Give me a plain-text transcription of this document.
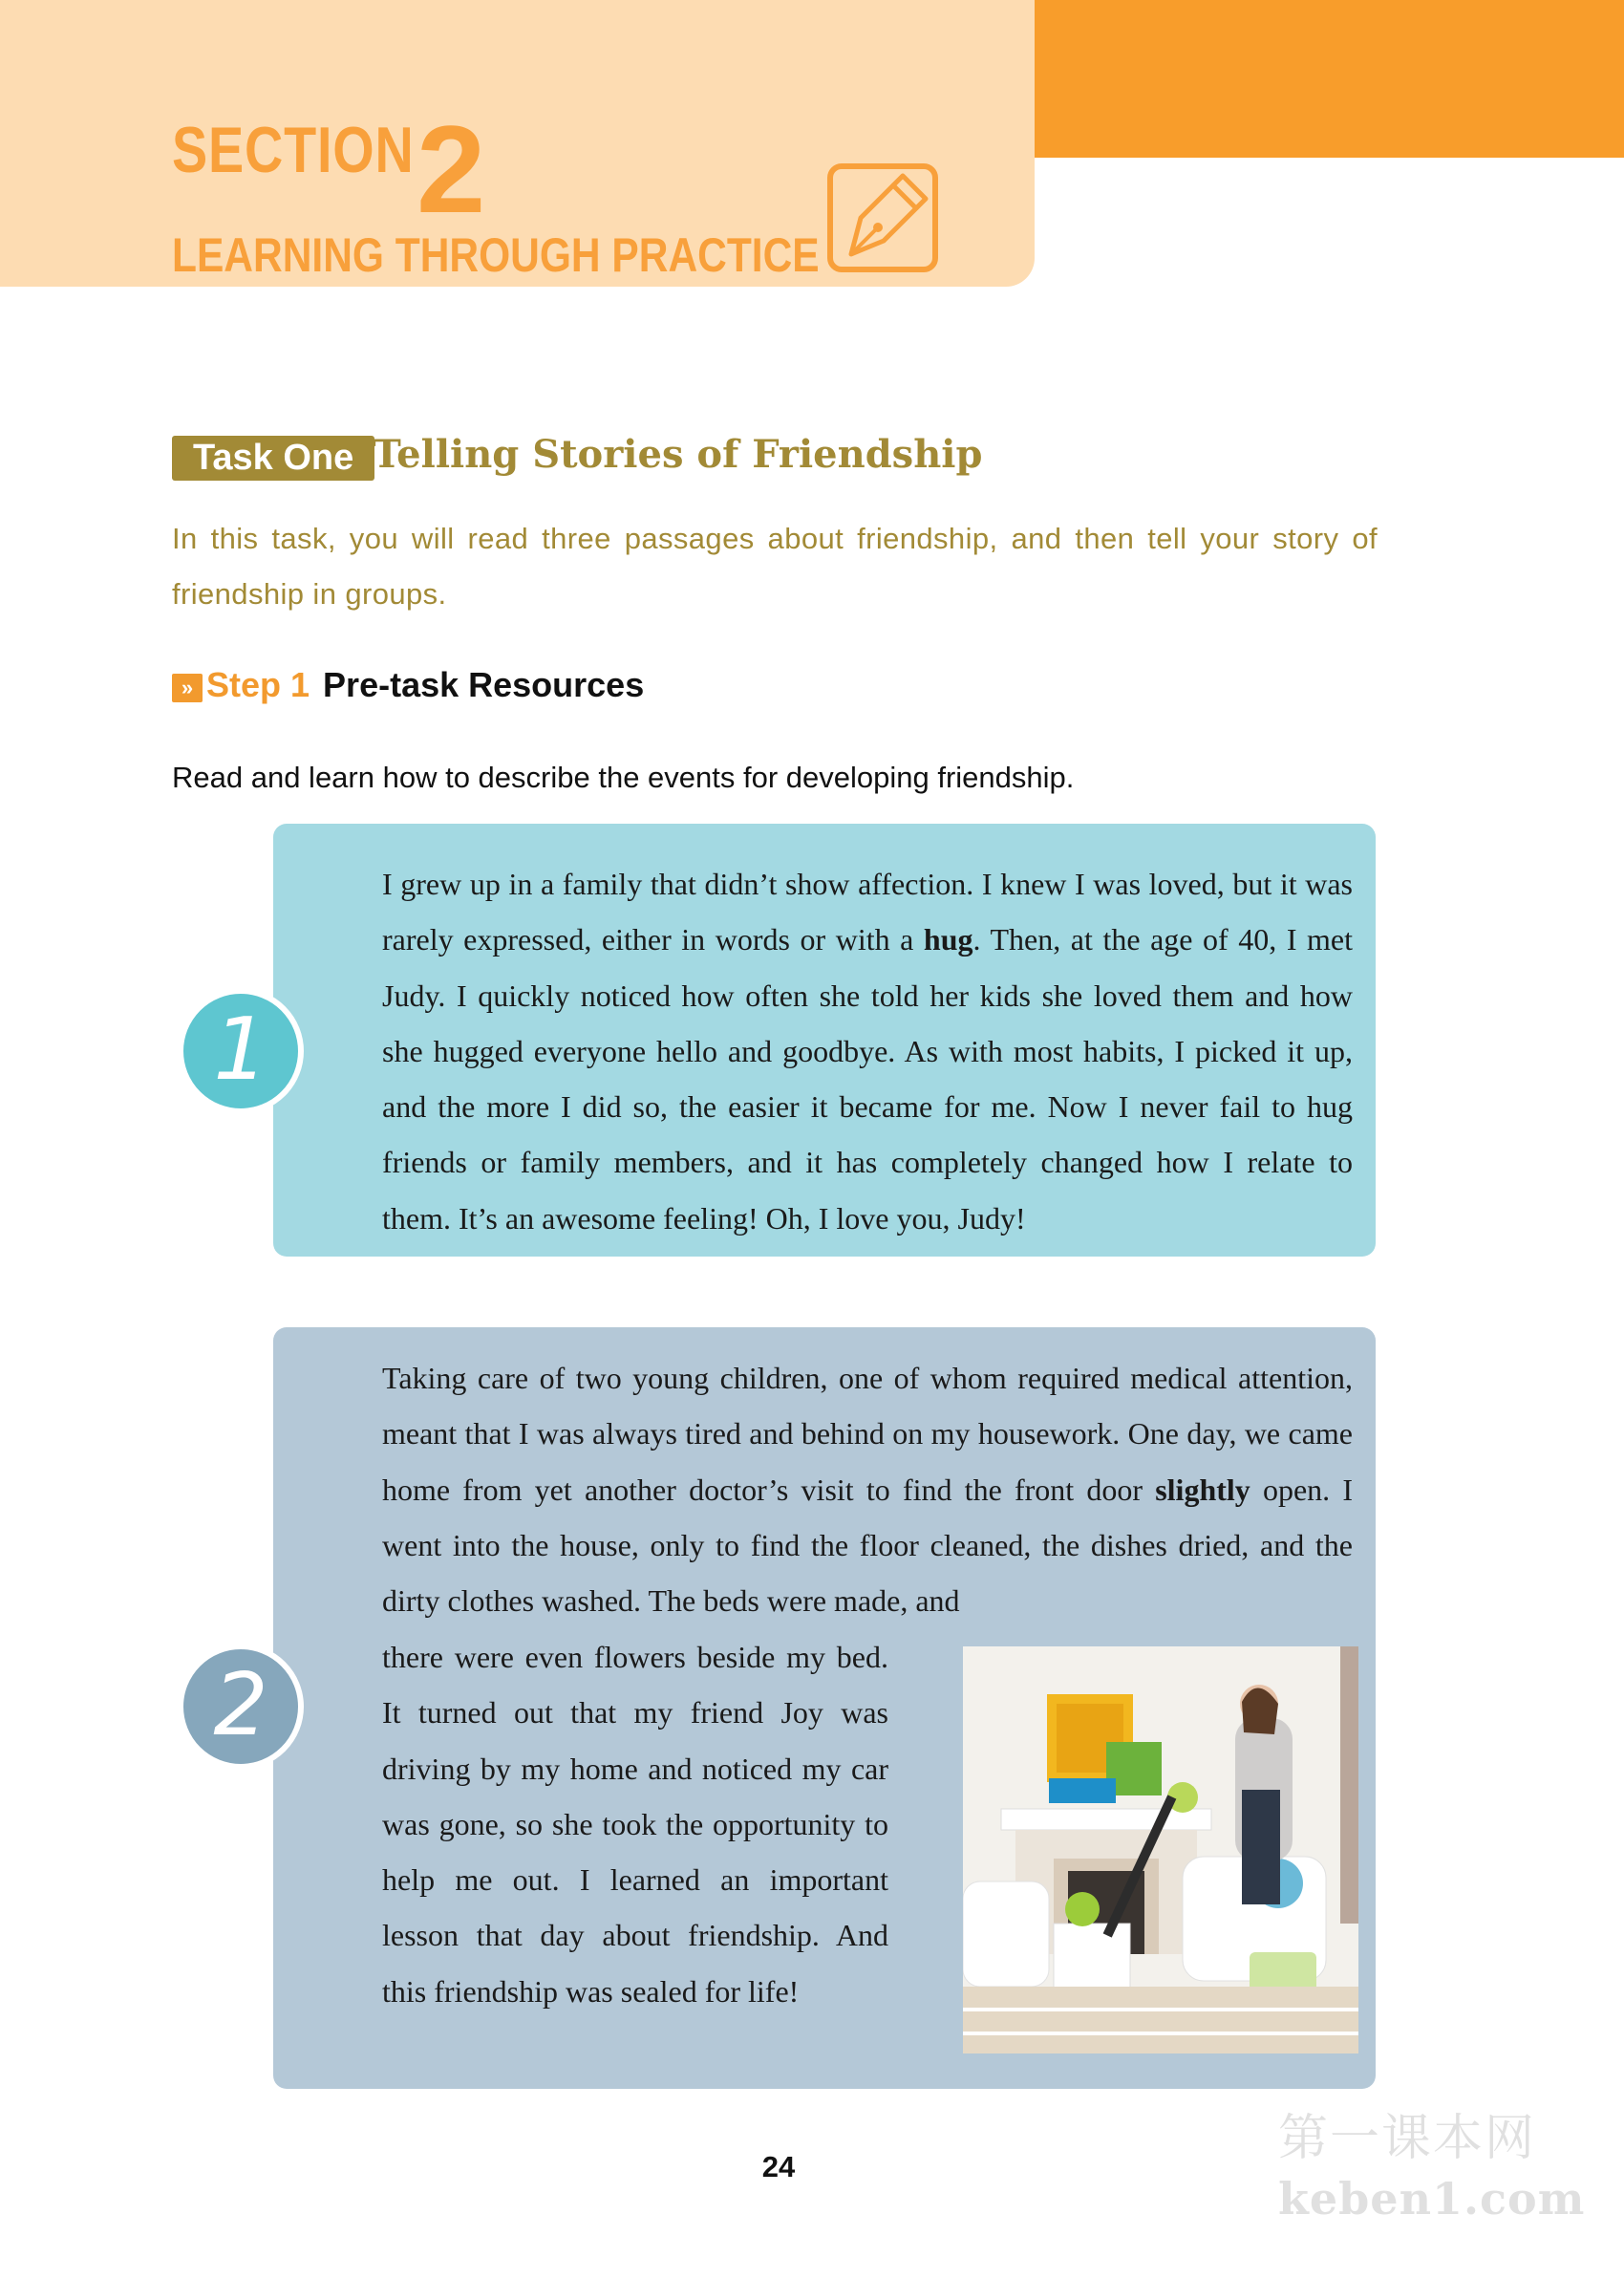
SECTION 2
LEARNING THROUGH PRACTICE
Task One Telling Stories of Friendship
In this task, you will read three passages about friendship, and then tell your story of friendship in groups.
» Step 1 Pre-task Resources
Read and learn how to describe the events for developing friendship.
1
I grew up in a family that didn’t show affection. I knew I was loved, but it was rarely expressed, either in words or with a hug. Then, at the age of 40, I met Judy. I quickly noticed how often she told her kids she loved them and how she hugged everyone hello and goodbye. As with most habits, I picked it up, and the more I did so, the easier it became for me. Now I never fail to hug friends or family members, and it has completely changed how I relate to them. It’s an awesome feeling! Oh, I love you, Judy!
2
Taking care of two young children, one of whom required medical attention, meant that I was always tired and behind on my housework. One day, we came home from yet another doctor’s visit to find the front door slightly open. I went into the house, only to find the floor cleaned, the dishes dried, and the dirty clothes washed. The beds were made, and
there were even flowers beside my bed. It turned out that my friend Joy was driving by my home and noticed my car was gone, so she took the opportunity to help me out. I learned an important lesson that day about friendship. And this friendship was sealed for life!
24	第一课本网
keben1.com
